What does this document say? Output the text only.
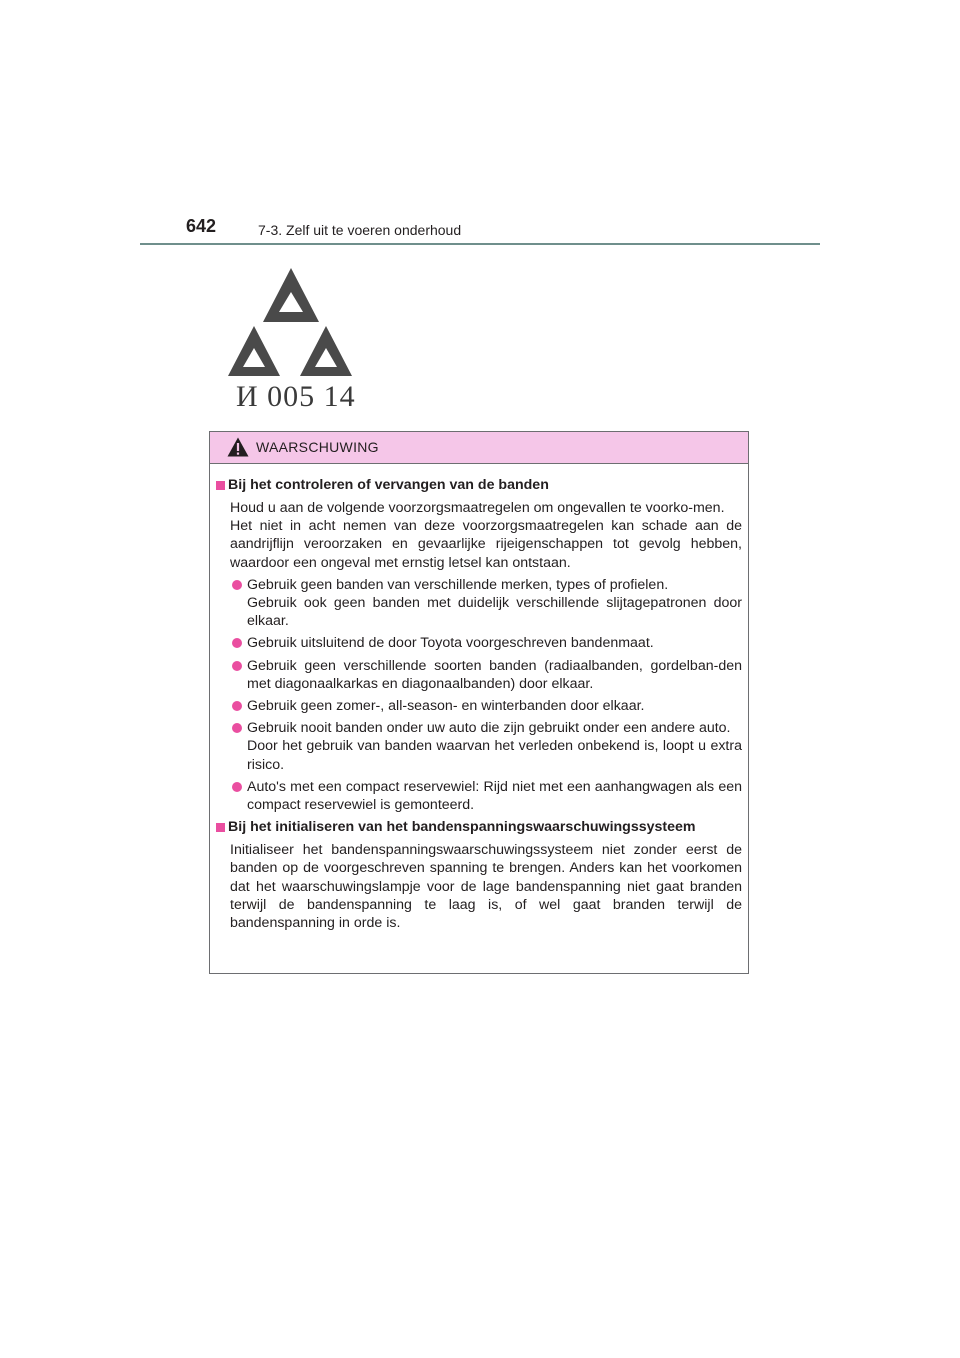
642	7-3. Zelf uit te voeren onderhoud
И 005 14
WAARSCHUWING
Bij het controleren of vervangen van de banden
Houd u aan de volgende voorzorgsmaatregelen om ongevallen te voorko-men.
Het niet in acht nemen van deze voorzorgsmaatregelen kan schade aan de aandrijflijn veroorzaken en gevaarlijke rijeigenschappen tot gevolg hebben, waardoor een ongeval met ernstig letsel kan ontstaan.
Gebruik geen banden van verschillende merken, types of profielen.
Gebruik ook geen banden met duidelijk verschillende slijtagepatronen door elkaar.
Gebruik uitsluitend de door Toyota voorgeschreven bandenmaat.
Gebruik geen verschillende soorten banden (radiaalbanden, gordelban-den met diagonaalkarkas en diagonaalbanden) door elkaar.
Gebruik geen zomer-, all-season- en winterbanden door elkaar.
Gebruik nooit banden onder uw auto die zijn gebruikt onder een andere auto.
Door het gebruik van banden waarvan het verleden onbekend is, loopt u extra risico.
Auto's met een compact reservewiel: Rijd niet met een aanhangwagen als een compact reservewiel is gemonteerd.
Bij het initialiseren van het bandenspanningswaarschuwingssysteem
Initialiseer het bandenspanningswaarschuwingssysteem niet zonder eerst de banden op de voorgeschreven spanning te brengen. Anders kan het voorkomen dat het waarschuwingslampje voor de lage bandenspanning niet gaat branden terwijl de bandenspanning te laag is, of wel gaat branden terwijl de bandenspanning in orde is.
